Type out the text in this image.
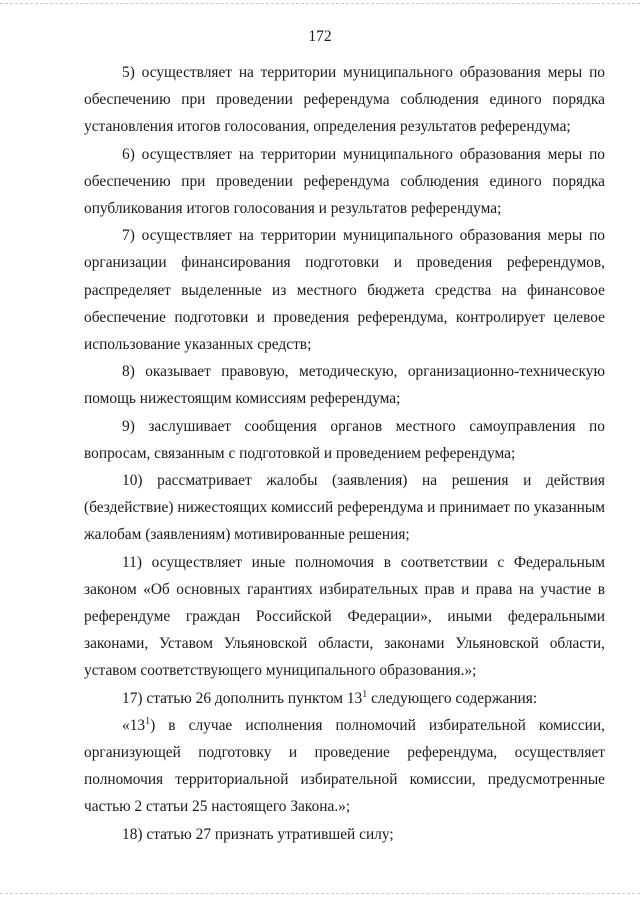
172

5) осуществляет на территории муниципального образования меры по обеспечению при проведении референдума соблюдения единого порядка установления итогов голосования, определения результатов референдума;

6) осуществляет на территории муниципального образования меры по обеспечению при проведении референдума соблюдения единого порядка опубликования итогов голосования и результатов референдума;

7) осуществляет на территории муниципального образования меры по организации финансирования подготовки и проведения референдумов, распределяет выделенные из местного бюджета средства на финансовое обеспечение подготовки и проведения референдума, контролирует целевое использование указанных средств;

8) оказывает правовую, методическую, организационно-техническую помощь нижестоящим комиссиям референдума;

9) заслушивает сообщения органов местного самоуправления по вопросам, связанным с подготовкой и проведением референдума;

10) рассматривает жалобы (заявления) на решения и действия (бездействие) нижестоящих комиссий референдума и принимает по указанным жалобам (заявлениям) мотивированные решения;

11) осуществляет иные полномочия в соответствии с Федеральным законом «Об основных гарантиях избирательных прав и права на участие в референдуме граждан Российской Федерации», иными федеральными законами, Уставом Ульяновской области, законами Ульяновской области, уставом соответствующего муниципального образования.»;

17) статью 26 дополнить пунктом $13^1$ следующего содержания:

«$13^1$) в случае исполнения полномочий избирательной комиссии, организующей подготовку и проведение референдума, осуществляет полномочия территориальной избирательной комиссии, предусмотренные частью 2 статьи 25 настоящего Закона.»;

18) статью 27 признать утратившей силу;
